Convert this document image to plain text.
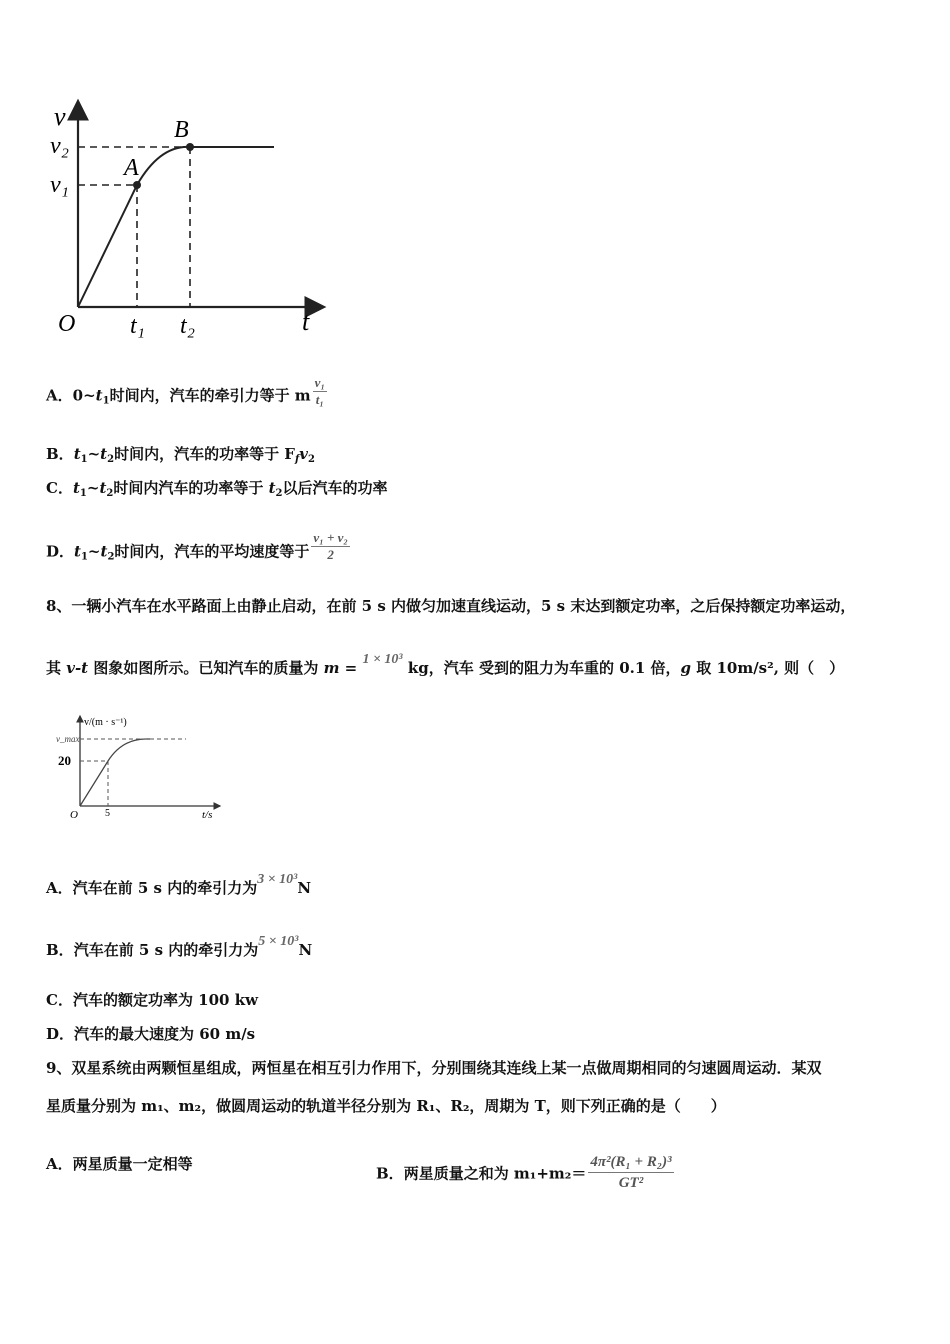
v
v₂
v₁
A
B
O t₁ t₂	t
A．$0\sim t_1$时间内，汽车的牵引力等于 m $\frac{\text{v₁}}{\text{t₁}}$
B．$t_1\sim t_2$时间内，汽车的功率等于 $F_fv_2$
C．$t_1\sim t_2$时间内汽车的功率等于 $t_2$以后汽车的功率
D．$t_1\sim t_2$时间内，汽车的平均速度等于 $\frac{\text{v₁ + v₂}}{2}$
8、一辆小汽车在水平路面上由静止启动，在前 5 s 内做匀加速直线运动，5 s 末达到额定功率，之后保持额定功率运动，
其 v-t 图象如图所示。已知汽车的质量为 m = 1 × 10³ kg，汽车 受到的阻力为车重的 0.1 倍，g 取 10m/s², 则（　）
v/(m · s⁻¹)
v_max
20
O	5	t/s
A．汽车在前 5 s 内的牵引力为3 × 10³N
B．汽车在前 5 s 内的牵引力为5 × 10³N
C．汽车的额定功率为 100 kw
D．汽车的最大速度为 60 m/s
9、双星系统由两颗恒星组成，两恒星在相互引力作用下，分别围绕其连线上某一点做周期相同的匀速圆周运动．某双
星质量分别为 m₁、m₂，做圆周运动的轨道半径分别为 R₁、R₂，周期为 T，则下列正确的是（　　）
A．两星质量一定相等
B．两星质量之和为 $m_1+m_2= \frac{\text{4π²(R₁ + R₂)³}}{\text{GT²}}$
